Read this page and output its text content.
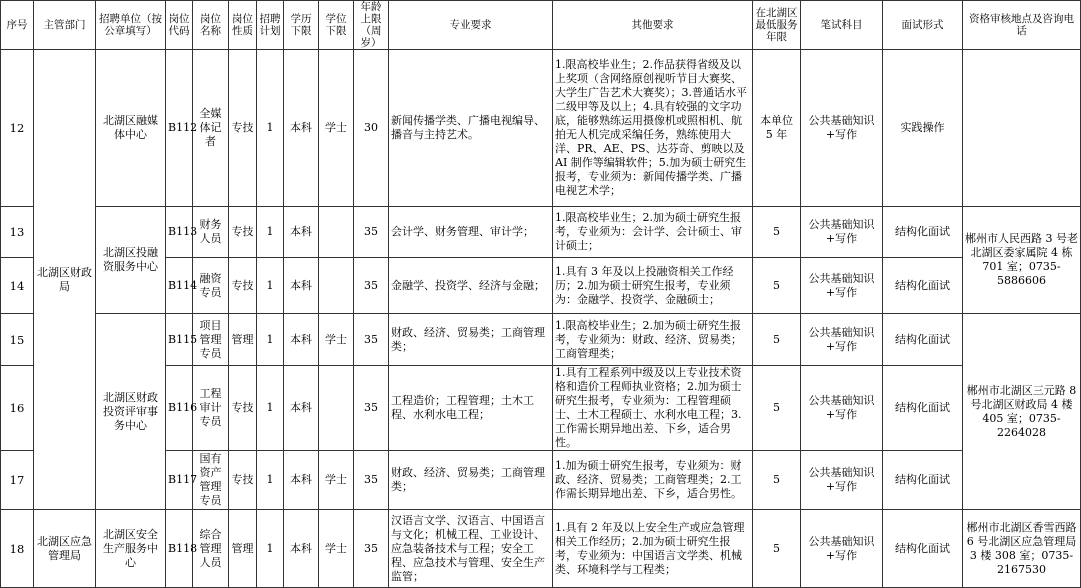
序号	主管部门	招聘单位（按公章填写）	岗位代码	岗位名称	岗位性质	招聘计划	学历下限	学位下限	年龄上限（周岁）	专业要求	其他要求	在北湖区最低服务年限	笔试科目	面试形式	资格审核地点及咨询电话
12	北湖区财政局	北湖区融媒体中心	B112	全媒体记者	专技	1	本科	学士	30	新闻传播学类、广播电视编导、播音与主持艺术。	1.限高校毕业生；2.作品获得省级及以上奖项（含网络原创视听节目大赛奖、大学生广告艺术大赛奖）；3.普通话水平二级甲等及以上；4.具有较强的文字功底，能够熟练运用摄像机或照相机、航拍无人机完成采编任务，熟练使用大洋、PR、AE、PS、达芬奇、剪映以及 AI 制作等编辑软件；5.加为硕士研究生报考，专业须为：新闻传播学类、广播电视艺术学；	本单位 5 年	公共基础知识+写作	实践操作	
13		北湖区投融资服务中心	B113	财务人员	专技	1	本科		35	会计学、财务管理、审计学；	1.限高校毕业生；2.加为硕士研究生报考，专业须为：会计学、会计硕士、审计硕士；	5	公共基础知识+写作	结构化面试	郴州市人民西路 3 号老北湖区委家属院 4 栋 701 室；0735-5886606
14			B114	融资专员	专技	1	本科		35	金融学、投资学、经济与金融；	1.具有 3 年及以上投融资相关工作经历；2.加为硕士研究生报考，专业须为：金融学、投资学、金融硕士；	5	公共基础知识+写作	结构化面试	
15		北湖区财政投资评审事务中心	B115	项目管理专员	管理	1	本科	学士	35	财政、经济、贸易类；工商管理类；	1.限高校毕业生；2.加为硕士研究生报考，专业须为：财政、经济、贸易类；工商管理类；	5	公共基础知识+写作	结构化面试	郴州市北湖区三元路 8 号北湖区财政局 4 楼 405 室；0735-2264028
16			B116	工程审计专员	专技	1	本科		35	工程造价；工程管理；土木工程、水利水电工程；	1.具有工程系列中级及以上专业技术资格和造价工程师执业资格；2.加为硕士研究生报考，专业须为：工程管理硕士、土木工程硕士、水利水电工程；3.工作需长期异地出差、下乡，适合男性。	5	公共基础知识+写作	结构化面试	
17			B117	国有资产管理专员	专技	1	本科	学士	35	财政、经济、贸易类；工商管理类；	1.加为硕士研究生报考，专业须为：财政、经济、贸易类；工商管理类；2.工作需长期异地出差、下乡，适合男性。	5	公共基础知识+写作	结构化面试	
18	北湖区应急管理局	北湖区安全生产服务中心	B118	综合管理人员	管理	1	本科	学士	35	汉语言文学、汉语言、中国语言与文化；机械工程、工业设计、应急装备技术与工程；安全工程、应急技术与管理、安全生产监管；	1.具有 2 年及以上安全生产或应急管理相关工作经历；2.加为硕士研究生报考，专业须为：中国语言文学类、机械类、环境科学与工程类；	5	公共基础知识+写作	结构化面试	郴州市北湖区香雪西路 6 号北湖区应急管理局 3 楼 308 室；0735-2167530
